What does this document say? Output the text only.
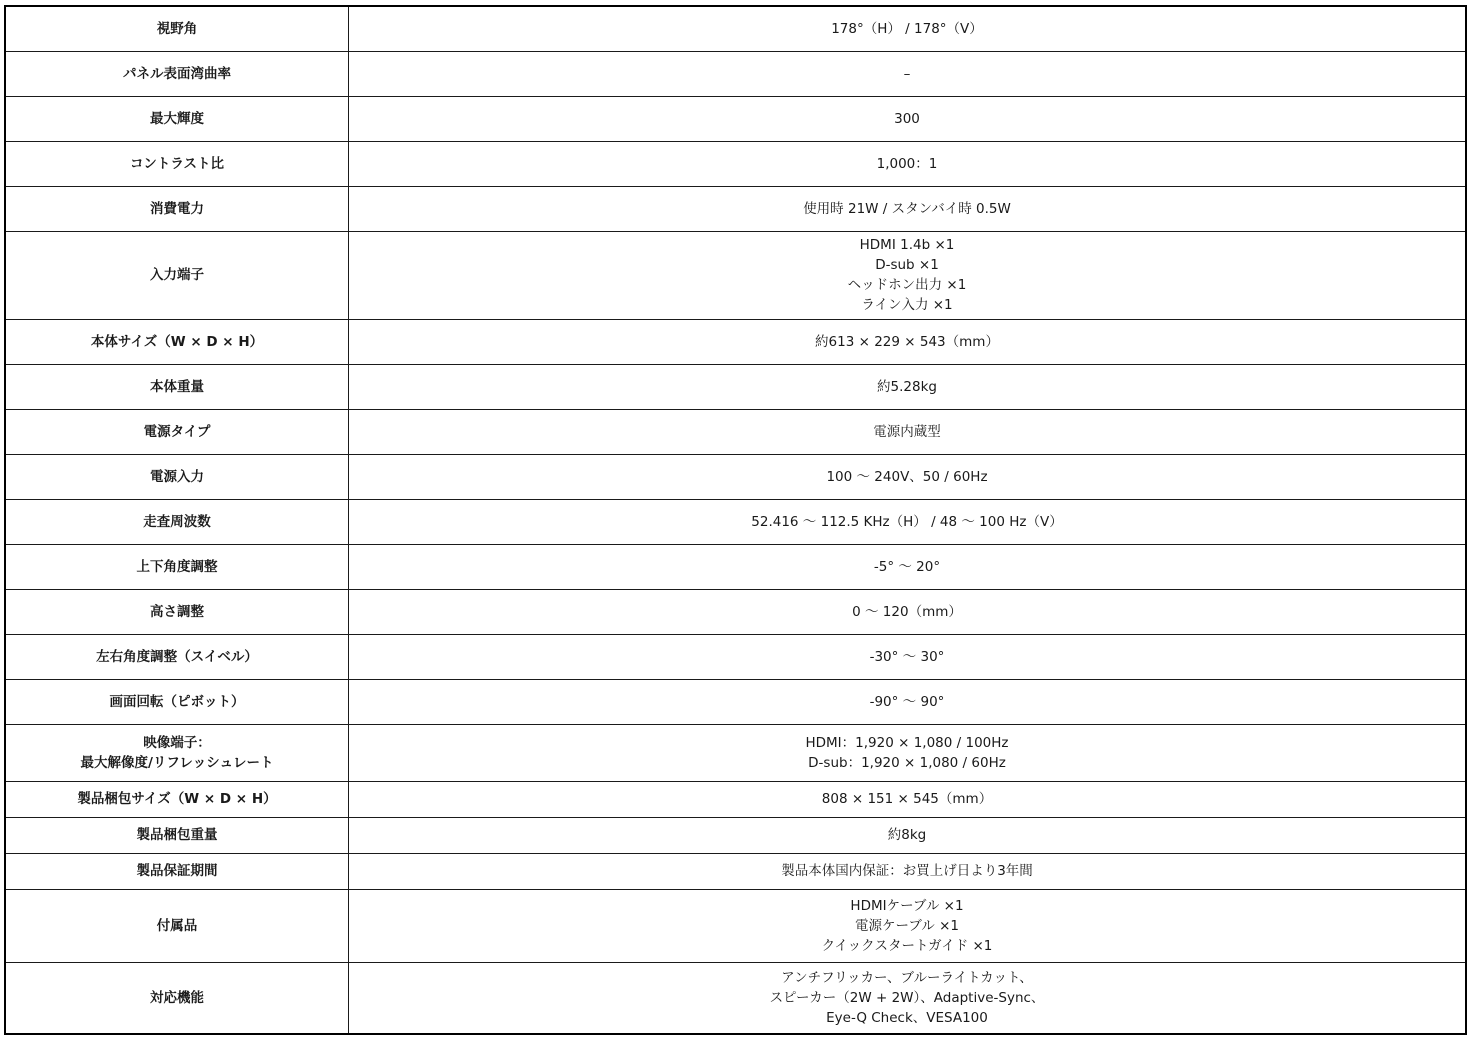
視野角	178°（H） / 178°（V）

パネル表面湾曲率	–

最大輝度	300

コントラスト比	1,000：1

消費電力	使用時 21W / スタンバイ時 0.5W

入力端子	HDMI 1.4b ×1
D-sub ×1
ヘッドホン出力 ×1
ライン入力 ×1

本体サイズ（W × D × H）	約613 × 229 × 543（mm）

本体重量	約5.28kg

電源タイプ	電源内蔵型

電源入力	100 ～ 240V、50 / 60Hz

走査周波数	52.416 ～ 112.5 KHz（H） / 48 ～ 100 Hz（V）

上下角度調整	-5° ～ 20°

高さ調整	0 ～ 120（mm）

左右角度調整（スイベル）	-30° ～ 30°

画面回転（ピボット）	-90° ～ 90°

映像端子：
最大解像度/リフレッシュレート	HDMI：1,920 × 1,080 / 100Hz
D-sub：1,920 × 1,080 / 60Hz

製品梱包サイズ（W × D × H）	808 × 151 × 545（mm）

製品梱包重量	約8kg

製品保証期間	製品本体国内保証：お買上げ日より3年間

付属品	HDMIケーブル ×1
電源ケーブル ×1
クイックスタートガイド ×1

対応機能	アンチフリッカー、ブルーライトカット、
スピーカー（2W + 2W）、Adaptive-Sync、
Eye-Q Check、VESA100
